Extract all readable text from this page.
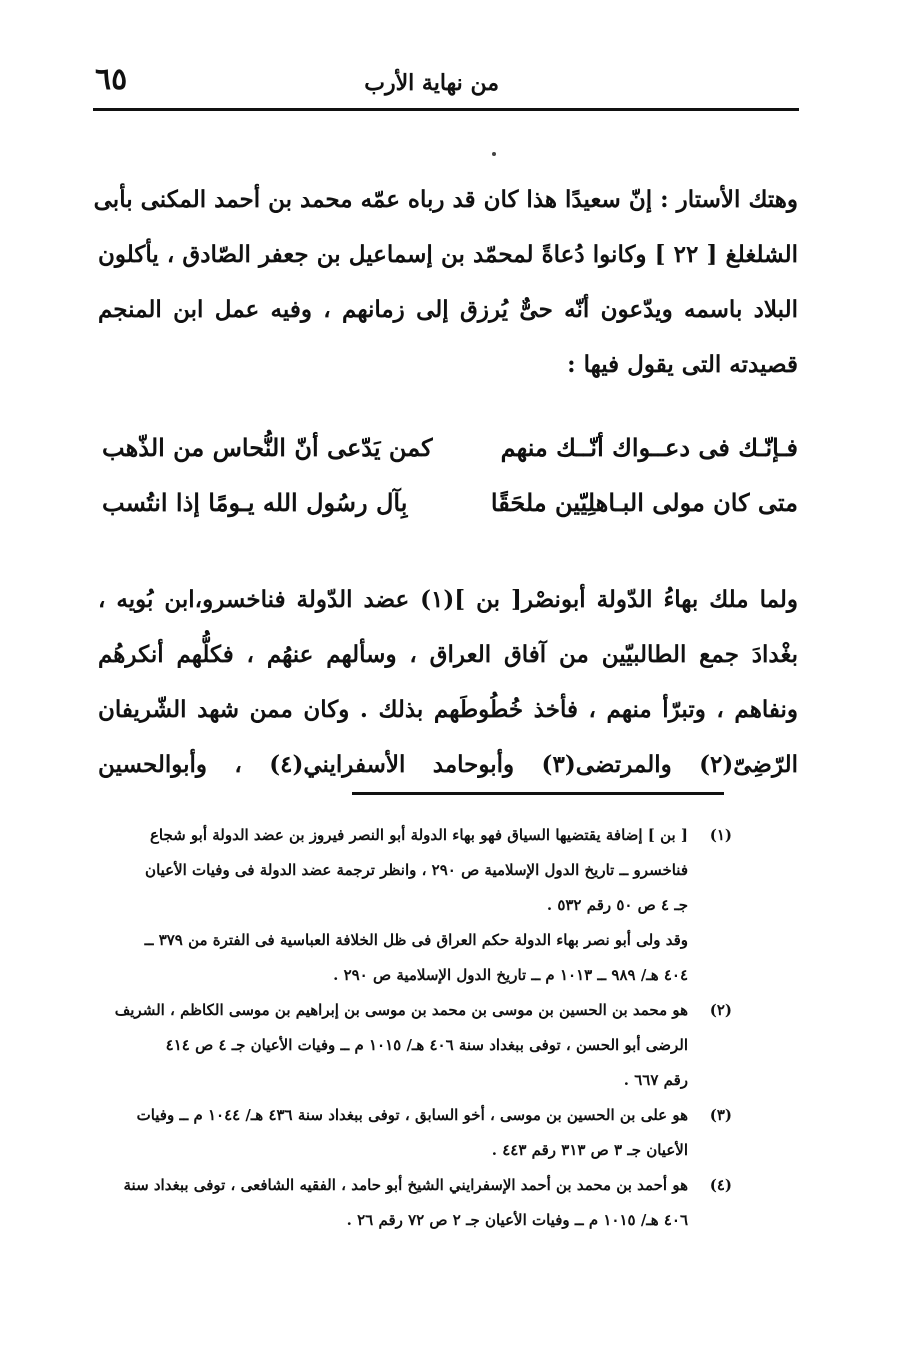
من نهاية الأرب
٦٥
وهتك الأستار : إنّ سعيدًا هذا كان قد رباه عمّه محمد بن أحمد المكنى بأبى
الشلغلغ [ ٢٢ ] وكانوا دُعاةً لمحمّد بن إسماعيل بن جعفر الصّادق ، يأكلون
البلاد باسمه ويدّعون أنّه حىٌّ يُرزق إلى زمانهم ، وفيه عمل ابن المنجم
قصيدته التى يقول فيها :
فـإنّـك فى دعــواك أنّــك منهم
كمن يَدّعى أنّ النُّحاس من الذّهب
متى كان مولى البـاهلِيّين ملحَقًا
بِآل رسُول الله يـومًا إذا انتُسب
ولما ملك بهاءُ الدّولة أبونصْر[ بن ](١) عضد الدّولة فناخسرو،ابن بُويه ،
بغْدادَ جمع الطالبيّين من آفاق العراق ، وسألهم عنهُم ، فكلُّهم أنكرهُم
ونفاهم ، وتبرّأ منهم ، فأخذ خُطُوطَهم بذلك . وكان ممن شهد الشّريفان
الرّضِىّ(٢) والمرتضى(٣) وأبوحامد الأسفرايني(٤) ، وأبوالحسين
(١)
[ بن ] إضافة يقتضيها السياق فهو بهاء الدولة أبو النصر فيروز بن عضد الدولة أبو شجاع
فناخسرو ــ تاريخ الدول الإسلامية ص ٢٩٠ ، وانظر ترجمة عضد الدولة فى وفيات الأعيان
جـ ٤ ص ٥٠ رقم ٥٣٢ .
وقد ولى أبو نصر بهاء الدولة حكم العراق فى ظل الخلافة العباسية فى الفترة من ٣٧٩ ــ
٤٠٤ هـ/ ٩٨٩ ــ ١٠١٣ م ــ تاريخ الدول الإسلامية ص ٢٩٠ .
(٢)
هو محمد بن الحسين بن موسى بن محمد بن موسى بن إبراهيم بن موسى الكاظم ، الشريف
الرضى أبو الحسن ، توفى ببغداد سنة ٤٠٦ هـ/ ١٠١٥ م ــ وفيات الأعيان جـ ٤ ص ٤١٤
رقم ٦٦٧ .
(٣)
هو على بن الحسين بن موسى ، أخو السابق ، توفى ببغداد سنة ٤٣٦ هـ/ ١٠٤٤ م ــ وفيات
الأعيان جـ ٣ ص ٣١٣ رقم ٤٤٣ .
(٤)
هو أحمد بن محمد بن أحمد الإسفرايني الشيخ أبو حامد ، الفقيه الشافعى ، توفى ببغداد سنة
٤٠٦ هـ/ ١٠١٥ م ــ وفيات الأعيان جـ ٢ ص ٧٢ رقم ٢٦ .
